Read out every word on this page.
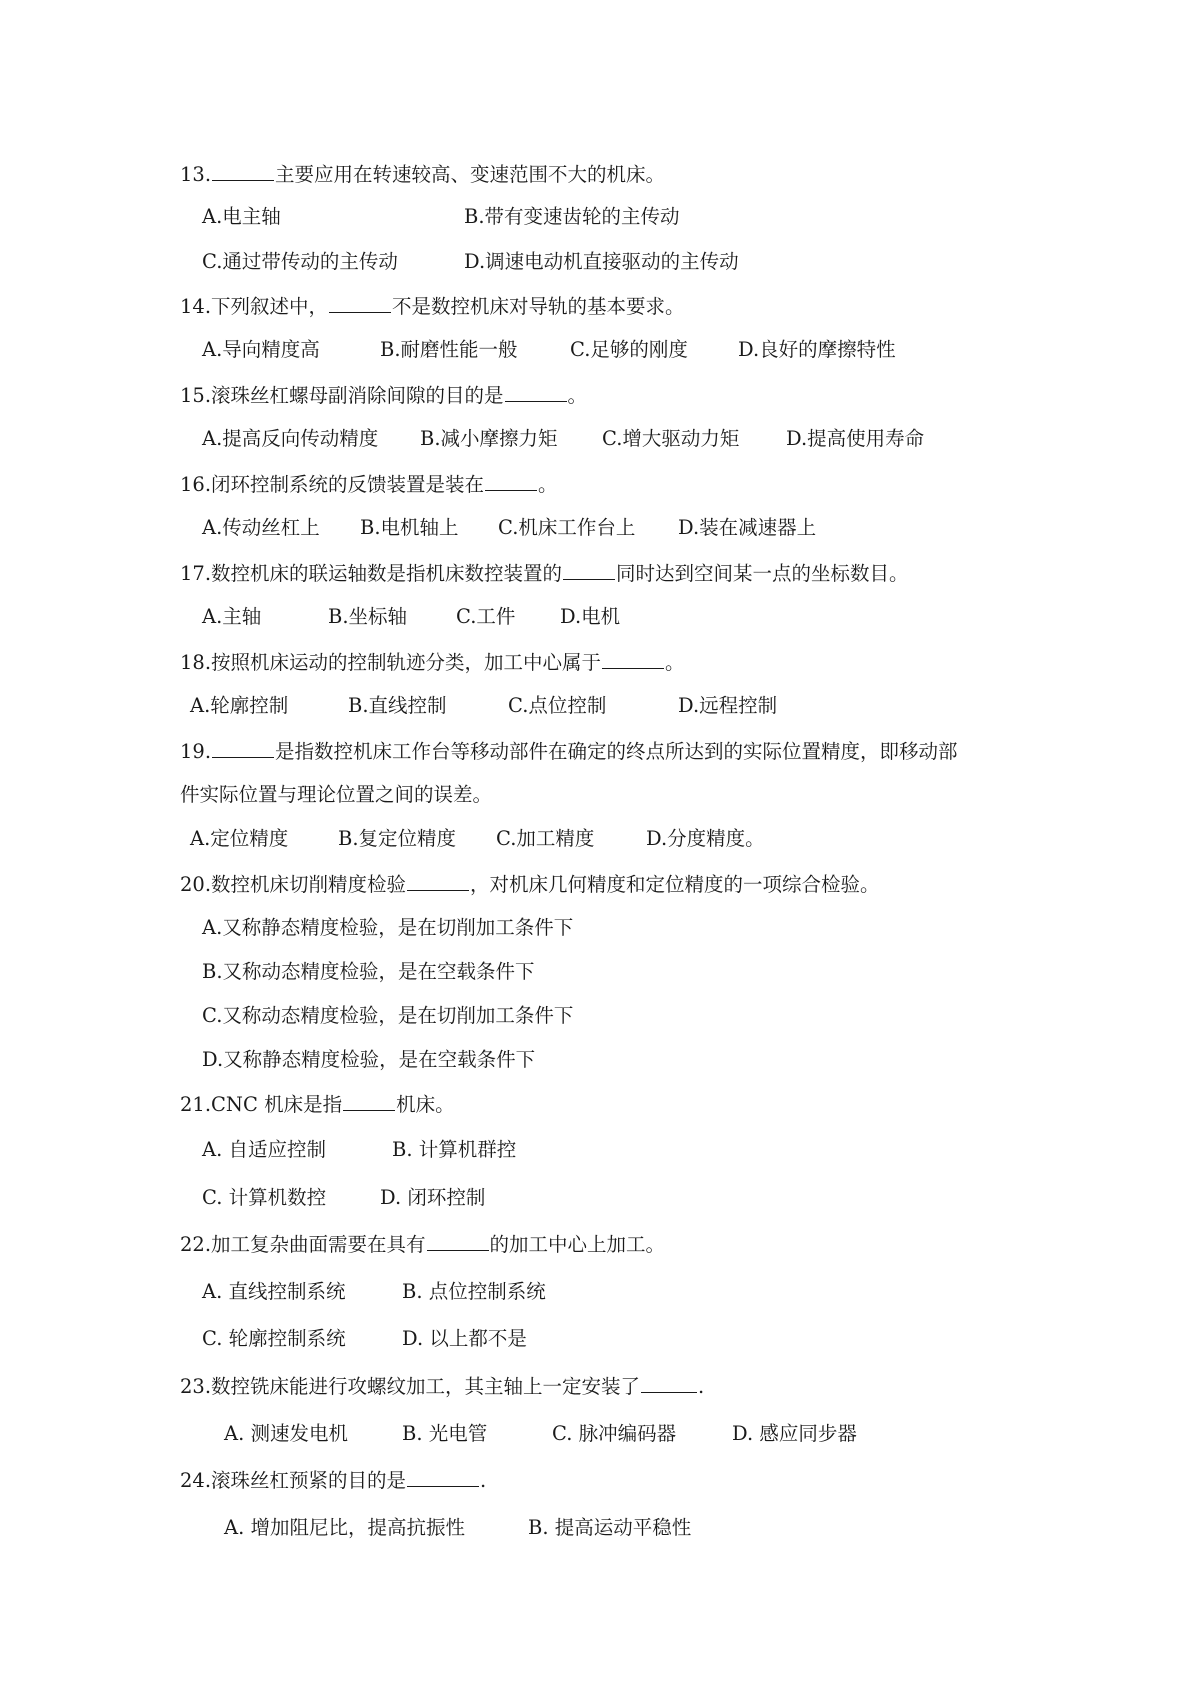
13.	主要应用在转速较高、变速范围不大的机床。
A.电主轴	B.带有变速齿轮的主传动
C.通过带传动的主传动	D.调速电动机直接驱动的主传动
14.下列叙述中，	不是数控机床对导轨的基本要求。
A.导向精度高	B.耐磨性能一般	C.足够的刚度	D.良好的摩擦特性
15.滚珠丝杠螺母副消除间隙的目的是	。
A.提高反向传动精度 B.减小摩擦力矩 C.增大驱动力矩 D.提高使用寿命
16.闭环控制系统的反馈装置是装在	。
A.传动丝杠上 B.电机轴上 C.机床工作台上 D.装在减速器上
17.数控机床的联运轴数是指机床数控装置的	同时达到空间某一点的坐标数目。
A.主轴	B.坐标轴	C.工件 D.电机
18.按照机床运动的控制轨迹分类，加工中心属于	。
A.轮廓控制	B.直线控制	C.点位控制	D.远程控制
19.	是指数控机床工作台等移动部件在确定的终点所达到的实际位置精度，即移动部
件实际位置与理论位置之间的误差。
A.定位精度	B.复定位精度 C.加工精度	D.分度精度。
20.数控机床切削精度检验	，对机床几何精度和定位精度的一项综合检验。
A.又称静态精度检验，是在切削加工条件下
B.又称动态精度检验，是在空载条件下
C.又称动态精度检验，是在切削加工条件下
D.又称静态精度检验，是在空载条件下
21.CNC 机床是指	机床。
A. 自适应控制	B. 计算机群控
C. 计算机数控	D. 闭环控制
22.加工复杂曲面需要在具有	的加工中心上加工。
A. 直线控制系统	B. 点位控制系统
C. 轮廓控制系统	D. 以上都不是
23.数控铣床能进行攻螺纹加工，其主轴上一定安装了	.
A. 测速发电机	B. 光电管	C. 脉冲编码器	D. 感应同步器
24.滚珠丝杠预紧的目的是	.
A. 增加阻尼比，提高抗振性	B. 提高运动平稳性
